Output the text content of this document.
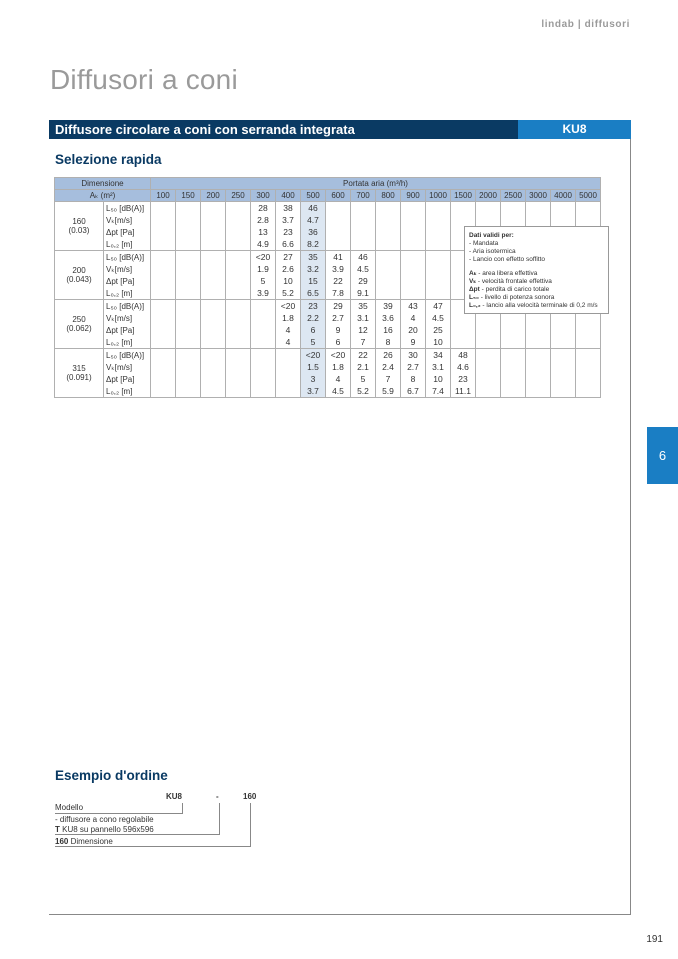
lindab | diffusori
Diffusori a coni
Diffusore circolare a coni con serranda integrata	KU8
Selezione rapida
Dimensione		Portata aria (m³/h)																	
Aₖ (m²)		100	150	200	250	300	400	500	600	700	800	900	1000	1500	2000	2500	3000	4000	5000

160
(0.03)	L₅₀ [dB(A)]					28	38	46											
	Vₖ[m/s]					2.8	3.7	4.7											
	Δpt [Pa]					13	23	36											
	L₀,₂ [m]					4.9	6.6	8.2											

200
(0.043)	L₅₀ [dB(A)]					<20	27	35	41	46									
	Vₖ[m/s]					1.9	2.6	3.2	3.9	4.5									
	Δpt [Pa]					5	10	15	22	29									
	L₀,₂ [m]					3.9	5.2	6.5	7.8	9.1									

250
(0.062)	L₅₀ [dB(A)]						<20	23	29	35	39	43	47						
	Vₖ[m/s]						1.8	2.2	2.7	3.1	3.6	4	4.5						
	Δpt [Pa]						4	6	9	12	16	20	25						
	L₀,₂ [m]						4	5	6	7	8	9	10						

315
(0.091)	L₅₀ [dB(A)]							<20	<20	22	26	30	34	48					
	Vₖ[m/s]							1.5	1.8	2.1	2.4	2.7	3.1	4.6					
	Δpt [Pa]							3	4	5	7	8	10	23					
	L₀,₂ [m]							3.7	4.5	5.2	5.9	6.7	7.4	11.1					
Dati validi per:
- Mandata
- Aria isotermica
- Lancio con effetto soffitto
Aₖ - area libera effettiva
Vₖ - velocità frontale effettiva
Δpt - perdita di carico totale
L₅₀ - livello di potenza sonora
L₀,₂ - lancio alla velocità terminale di 0,2 m/s
6
Esempio d'ordine
KU8	-	160
Modello
- diffusore a cono regolabile
T KU8 su pannello 596x596
160 Dimensione
191
